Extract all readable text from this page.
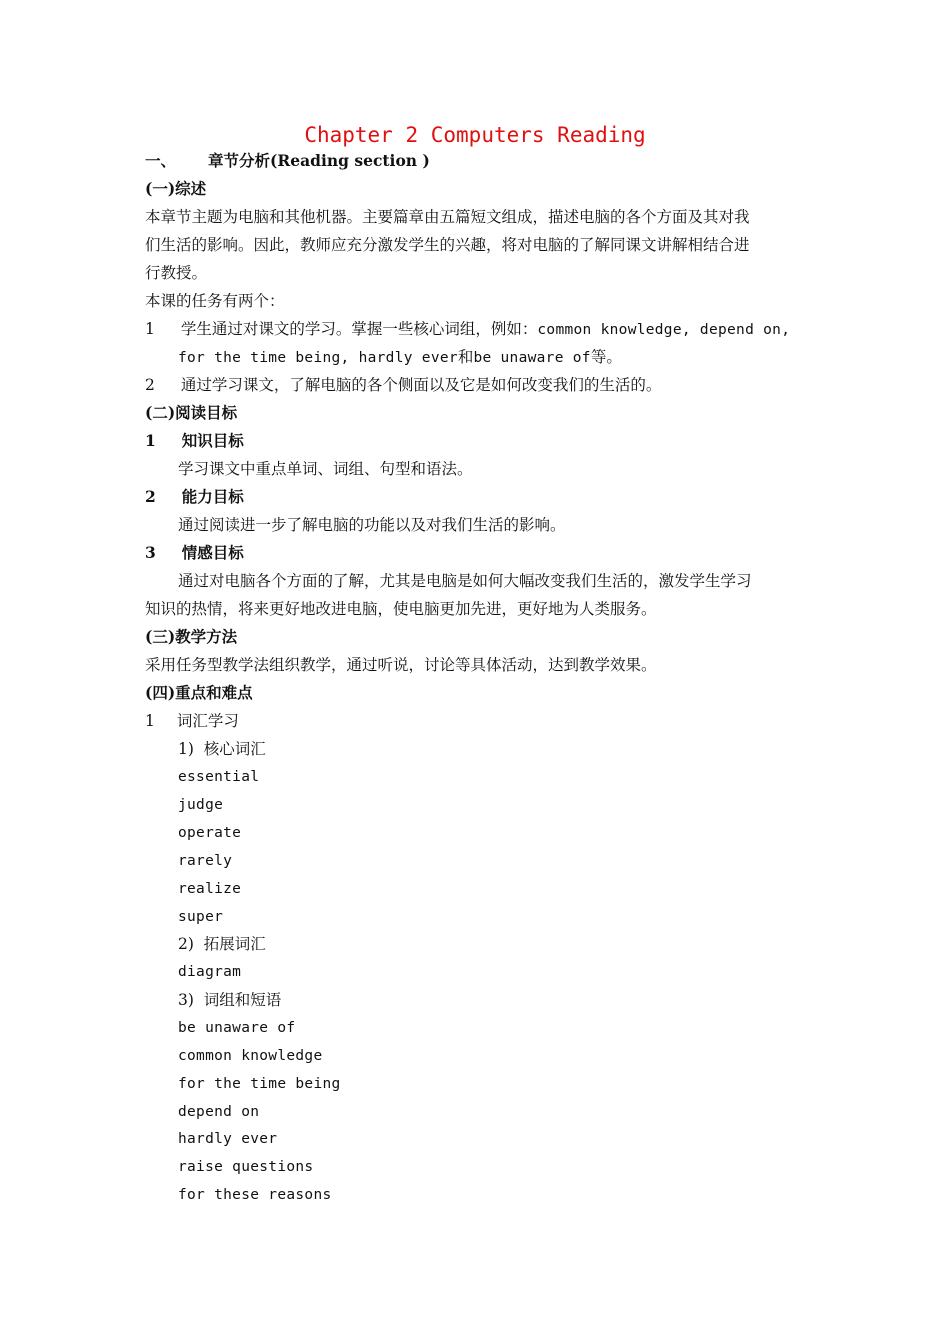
Chapter 2 Computers Reading
一、 章节分析(Reading section )
(一)综述
本章节主题为电脑和其他机器。主要篇章由五篇短文组成，描述电脑的各个方面及其对我
们生活的影响。因此，教师应充分激发学生的兴趣，将对电脑的了解同课文讲解相结合进
行教授。
本课的任务有两个：
1 学生通过对课文的学习。掌握一些核心词组，例如：common knowledge, depend on,
for the time being, hardly ever和be unaware of等。
2 通过学习课文，了解电脑的各个侧面以及它是如何改变我们的生活的。
(二)阅读目标
1 知识目标
学习课文中重点单词、词组、句型和语法。
2 能力目标
通过阅读进一步了解电脑的功能以及对我们生活的影响。
3 情感目标
通过对电脑各个方面的了解，尤其是电脑是如何大幅改变我们生活的，激发学生学习
知识的热情，将来更好地改进电脑，使电脑更加先进，更好地为人类服务。
(三)教学方法
采用任务型教学法组织教学，通过听说，讨论等具体活动，达到教学效果。
(四)重点和难点
1 词汇学习
1)  核心词汇
essential
judge
operate
rarely
realize
super
2)  拓展词汇
diagram
3)  词组和短语
be unaware of
common knowledge
for the time being
depend on
hardly ever
raise questions
for these reasons
